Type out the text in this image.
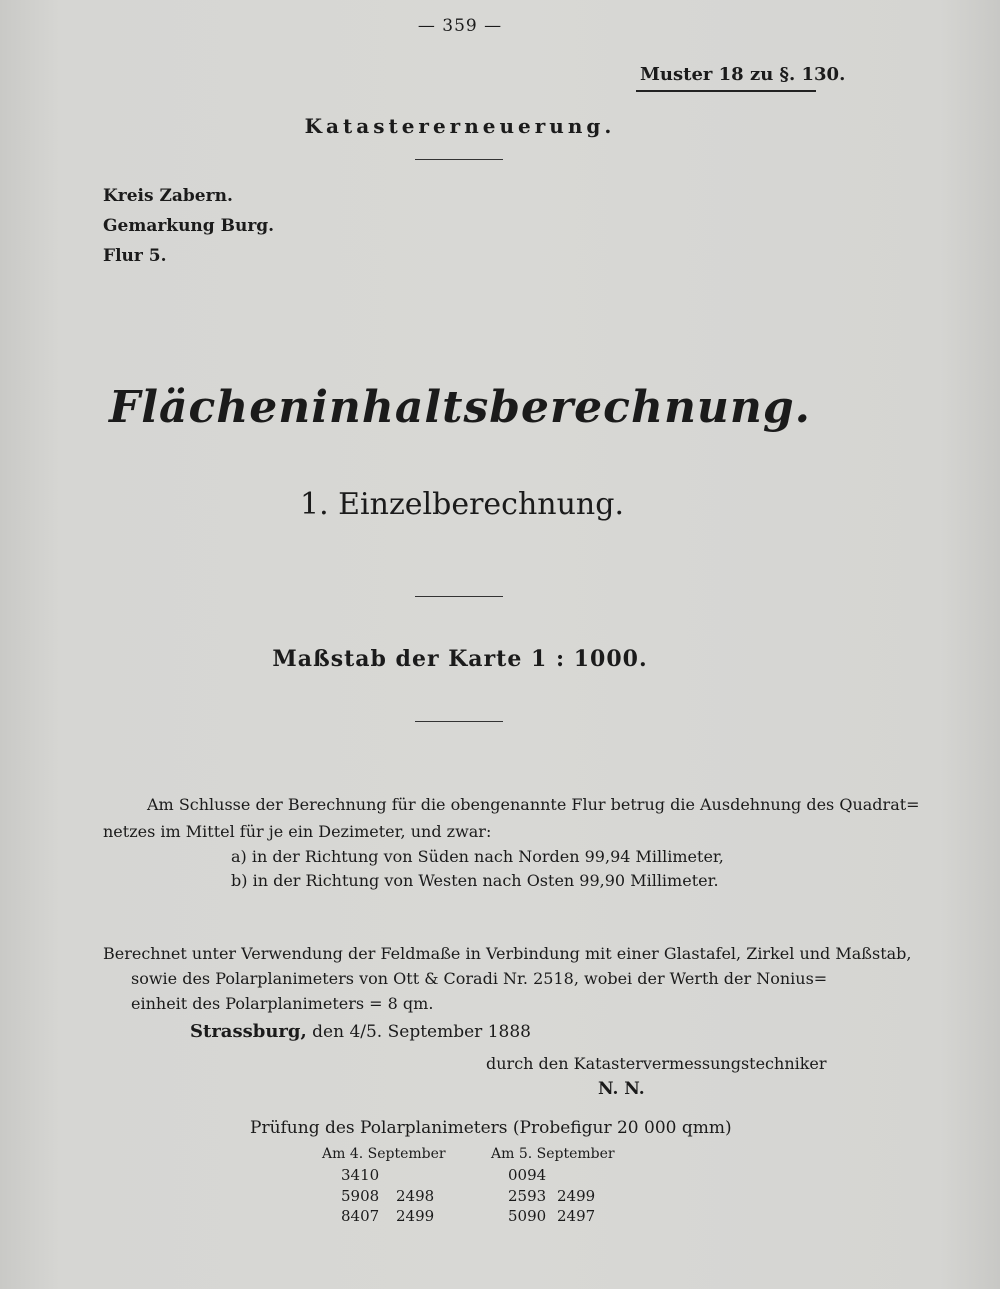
— 359 —
Muster 18 zu §. 130.
Katastererneuerung.
Kreis Zabern.
Gemarkung Burg.
Flur 5.
Flächeninhaltsberechnung.
1. Einzelberechnung.
Maßstab der Karte 1 : 1000.
Am Schlusse der Berechnung für die obengenannte Flur betrug die Ausdehnung des Quadrat=
netzes im Mittel für je ein Dezimeter, und zwar:
a) in der Richtung von Süden nach Norden 99,94 Millimeter,
b) in der Richtung von Westen nach Osten 99,90 Millimeter.
Berechnet unter Verwendung der Feldmaße in Verbindung mit einer Glastafel, Zirkel und Maßstab,
sowie des Polarplanimeters von Ott & Coradi Nr. 2518, wobei der Werth der Nonius=
einheit des Polarplanimeters = 8 qm.
Strassburg, den 4/5. September 1888
durch den Katastervermessungstechniker
N. N.
Prüfung des Polarplanimeters (Probefigur 20 000 qmm)
Am 4. September	Am 5. September
3410	0094
5908 2498	2593 2499
8407 2499	5090 2497
